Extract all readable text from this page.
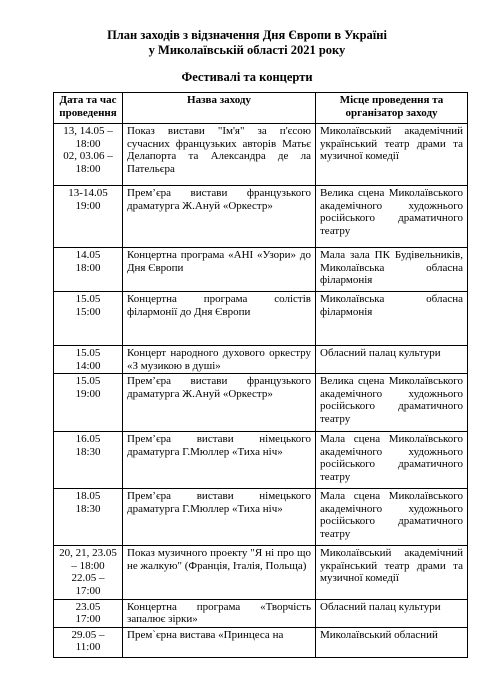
План заходів з відзначення Дня Європи в Україні
у Миколаївській області 2021 року
Фестивалі та концерти
Дата та час проведення	Назва заходу	Місце проведення та організатор заходу

13, 14.05 –
18:00
02, 03.06 –
18:00	Показ вистави "Ім'я" за п'єсою сучасних французьких авторів Матьє Делапорта та Александра де ла Пательєра	Миколаївський академічний український театр драми та музичної комедії

13-14.05
19:00	Прем’єра вистави французького драматурга Ж.Ануй «Оркестр»	Велика сцена Миколаївського академічного художнього російського драматичного театру

14.05
18:00	Концертна програма «АНІ «Узори» до Дня Європи	Мала зала ПК Будівельників, Миколаївська обласна філармонія

15.05
15:00	Концертна програма солістів філармонії до Дня Європи	Миколаївська обласна філармонія

15.05
14:00	Концерт народного духового оркестру «З музикою в душі»	Обласний палац культури

15.05
19:00	Прем’єра вистави французького драматурга Ж.Ануй «Оркестр»	Велика сцена Миколаївського академічного художнього російського драматичного театру

16.05
18:30	Прем’єра вистави німецького драматурга Г.Мюллер «Тиха ніч»	Мала сцена Миколаївського академічного художнього російського драматичного театру

18.05
18:30	Прем’єра вистави німецького драматурга Г.Мюллер «Тиха ніч»	Мала сцена Миколаївського академічного художнього російського драматичного театру

20, 21, 23.05
– 18:00
22.05 – 17:00	Показ музичного проекту "Я ні про що не жалкую" (Франція, Італія, Польща)	Миколаївський академічний український театр драми та музичної комедії

23.05
17:00	Концертна програма «Творчість запалює зірки»	Обласний палац культури

29.05 – 11:00	Прем`єрна вистава «Принцеса на	Миколаївський обласний
